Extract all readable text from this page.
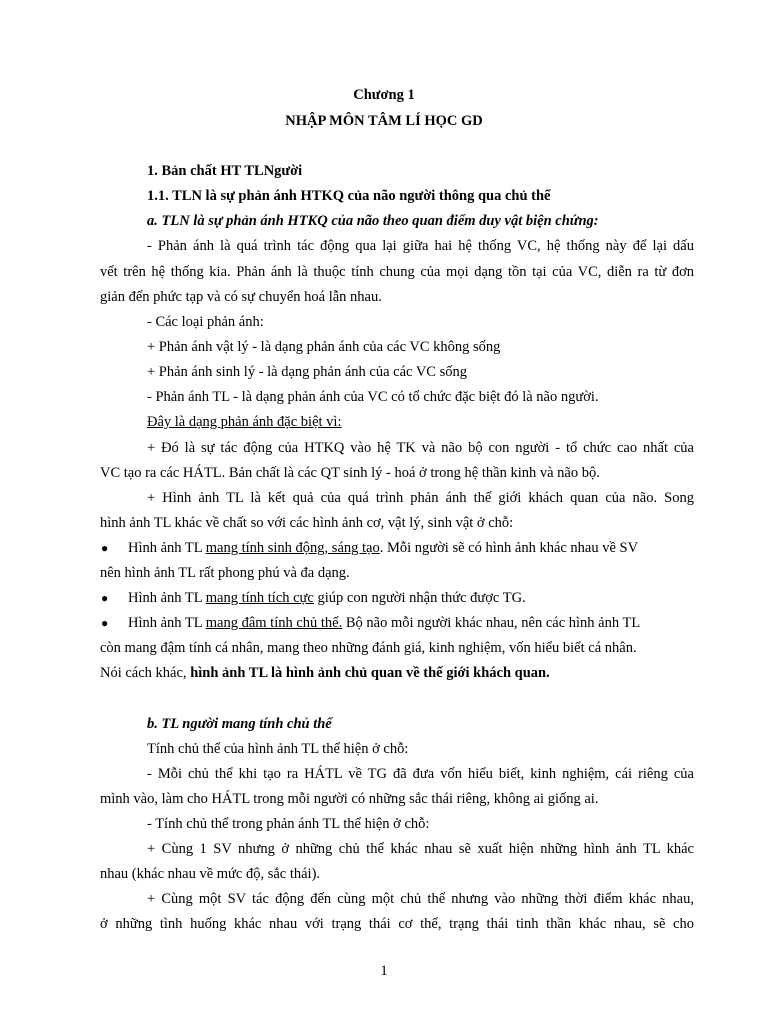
Chương 1
NHẬP MÔN TÂM LÍ HỌC GD
1. Bản chất HT TLNgười
1.1. TLN là sự phản ánh HTKQ của não người thông qua chủ thể
a. TLN là sự phản ánh HTKQ của não theo quan điểm duy vật biện chứng:
- Phản ánh là quá trình tác động qua lại giữa hai hệ thống VC, hệ thống này để lại dấu
vết trên hệ thống kia. Phản ánh là thuộc tính chung của mọi dạng tồn tại của VC, diễn ra từ đơn
giản đến phức tạp và có sự chuyển hoá lẫn nhau.
- Các loại phản ánh:
+ Phản ánh vật lý - là dạng phản ánh của các VC không sống
+ Phản ánh sinh lý - là dạng phản ánh của các VC sống
- Phản ánh TL - là dạng phản ánh của VC có tổ chức đặc biệt đó là não người.
Đây là dạng phản ánh đặc biệt vì:
+ Đó là sự tác động của HTKQ vào hệ TK và não bộ con người - tổ chức cao nhất của
VC tạo ra các HÁTL. Bản chất là các QT sinh lý - hoá ở trong hệ thần kinh và não bộ.
+ Hình ảnh TL là kết quả của quá trình phản ánh thế giới khách quan của não. Song
hình ảnh TL khác về chất so với các hình ảnh cơ, vật lý, sinh vật ở chỗ:
● Hình ảnh TL mang tính sinh động, sáng tạo. Mỗi người sẽ có hình ảnh khác nhau về SV
nên hình ảnh TL rất phong phú và đa dạng.
● Hình ảnh TL mang tính tích cực giúp con người nhận thức được TG.
● Hình ảnh TL mang đâm tính chủ thể. Bộ não mỗi người khác nhau, nên các hình ảnh TL
còn mang đậm tính cá nhân, mang theo những đánh giá, kinh nghiệm, vốn hiểu biết cá nhân.
Nói cách khác, hình ảnh TL là hình ảnh chủ quan về thế giới khách quan.
b. TL người mang tính chủ thể
Tính chủ thể của hình ảnh TL thể hiện ở chỗ:
- Mỗi chủ thể khi tạo ra HÁTL về TG đã đưa vốn hiểu biết, kinh nghiệm, cái riêng của
mình vào, làm cho HÁTL trong mỗi người có những sắc thái riêng, không ai giống ai.
- Tính chủ thể trong phản ánh TL thể hiện ở chỗ:
+ Cùng 1 SV nhưng ở những chủ thể khác nhau sẽ xuất hiện những hình ảnh TL khác
nhau (khác nhau về mức độ, sắc thái).
+ Cùng một SV tác động đến cùng một chủ thể nhưng vào những thời điểm khác nhau,
ở những tình huống khác nhau với trạng thái cơ thể, trạng thái tinh thần khác nhau, sẽ cho
1
